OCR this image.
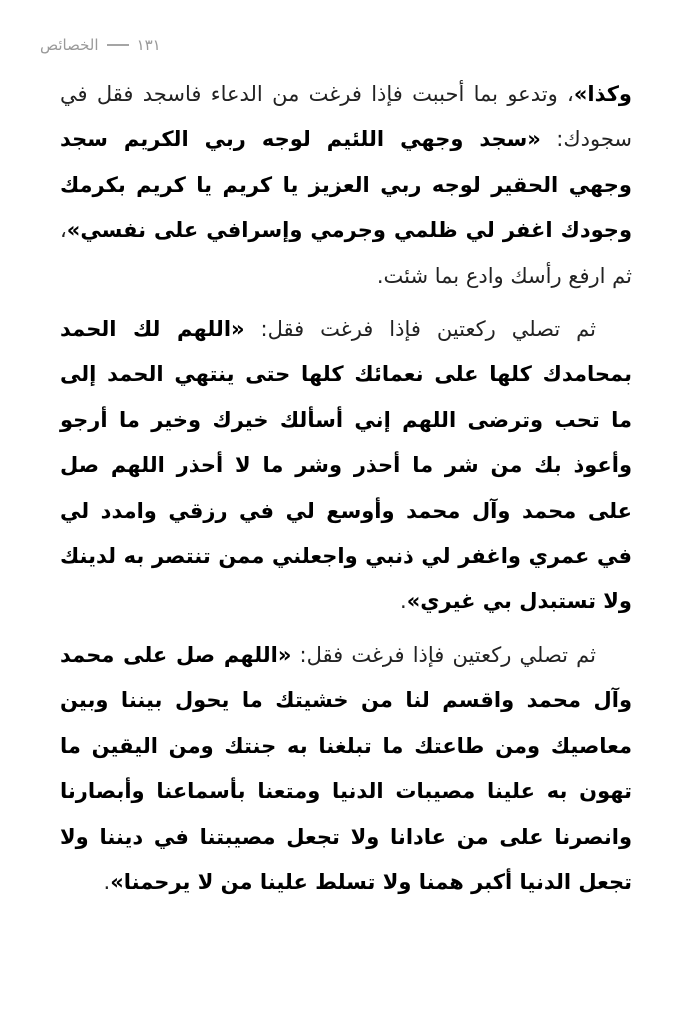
الخصائص	١٣١

وكذا»، وتدعو بما أحببت فإذا فرغت من الدعاء فاسجد فقل في سجودك: «سجد وجهي اللئيم لوجه ربي الكريم سجد وجهي الحقير لوجه ربي العزيز يا كريم يا كريم بكرمك وجودك اغفر لي ظلمي وجرمي وإسرافي على نفسي»، ثم ارفع رأسك وادع بما شئت.

ثم تصلي ركعتين فإذا فرغت فقل: «اللهم لك الحمد بمحامدك كلها على نعمائك كلها حتى ينتهي الحمد إلى ما تحب وترضى اللهم إني أسألك خيرك وخير ما أرجو وأعوذ بك من شر ما أحذر وشر ما لا أحذر اللهم صل على محمد وآل محمد وأوسع لي في رزقي وامدد لي في عمري واغفر لي ذنبي واجعلني ممن تنتصر به لدينك ولا تستبدل بي غيري».

ثم تصلي ركعتين فإذا فرغت فقل: «اللهم صل على محمد وآل محمد واقسم لنا من خشيتك ما يحول بيننا وبين معاصيك ومن طاعتك ما تبلغنا به جنتك ومن اليقين ما تهون به علينا مصيبات الدنيا ومتعنا بأسماعنا وأبصارنا وانصرنا على من عادانا ولا تجعل مصيبتنا في ديننا ولا تجعل الدنيا أكبر همنا ولا تسلط علينا من لا يرحمنا».
